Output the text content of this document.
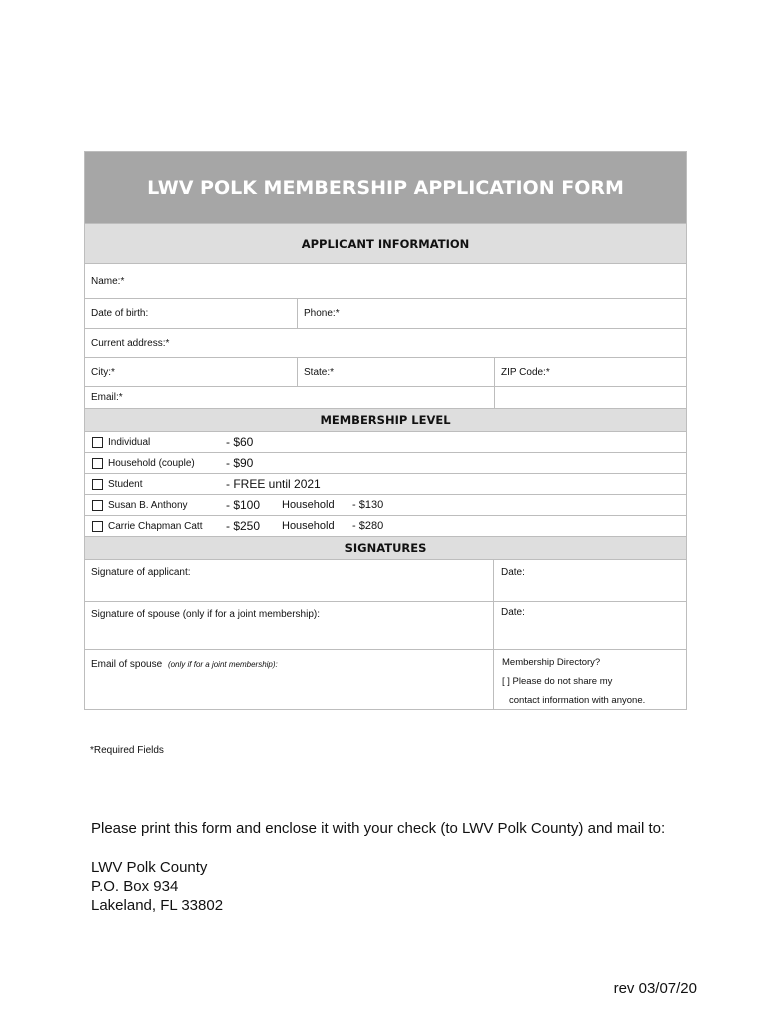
LWV POLK MEMBERSHIP APPLICATION FORM
APPLICANT INFORMATION
Name:*
Date of birth:	Phone:*
Current address:*
City:*	State:*	ZIP Code:*
Email:*
MEMBERSHIP LEVEL
Individual	- $60
Household (couple)	- $90
Student	- FREE until 2021
Susan B. Anthony	- $100	Household	- $130
Carrie Chapman Catt	- $250	Household	- $280
SIGNATURES
Signature of applicant:	Date:
Signature of spouse (only if for a joint membership):	Date:
Email of spouse (only if for a joint membership):	Membership Directory?
[ ] Please do not share my
contact information with anyone.
*Required Fields
Please print this form and enclose it with your check (to LWV Polk County) and mail to:
LWV Polk County
P.O. Box 934
Lakeland, FL 33802
rev 03/07/20
